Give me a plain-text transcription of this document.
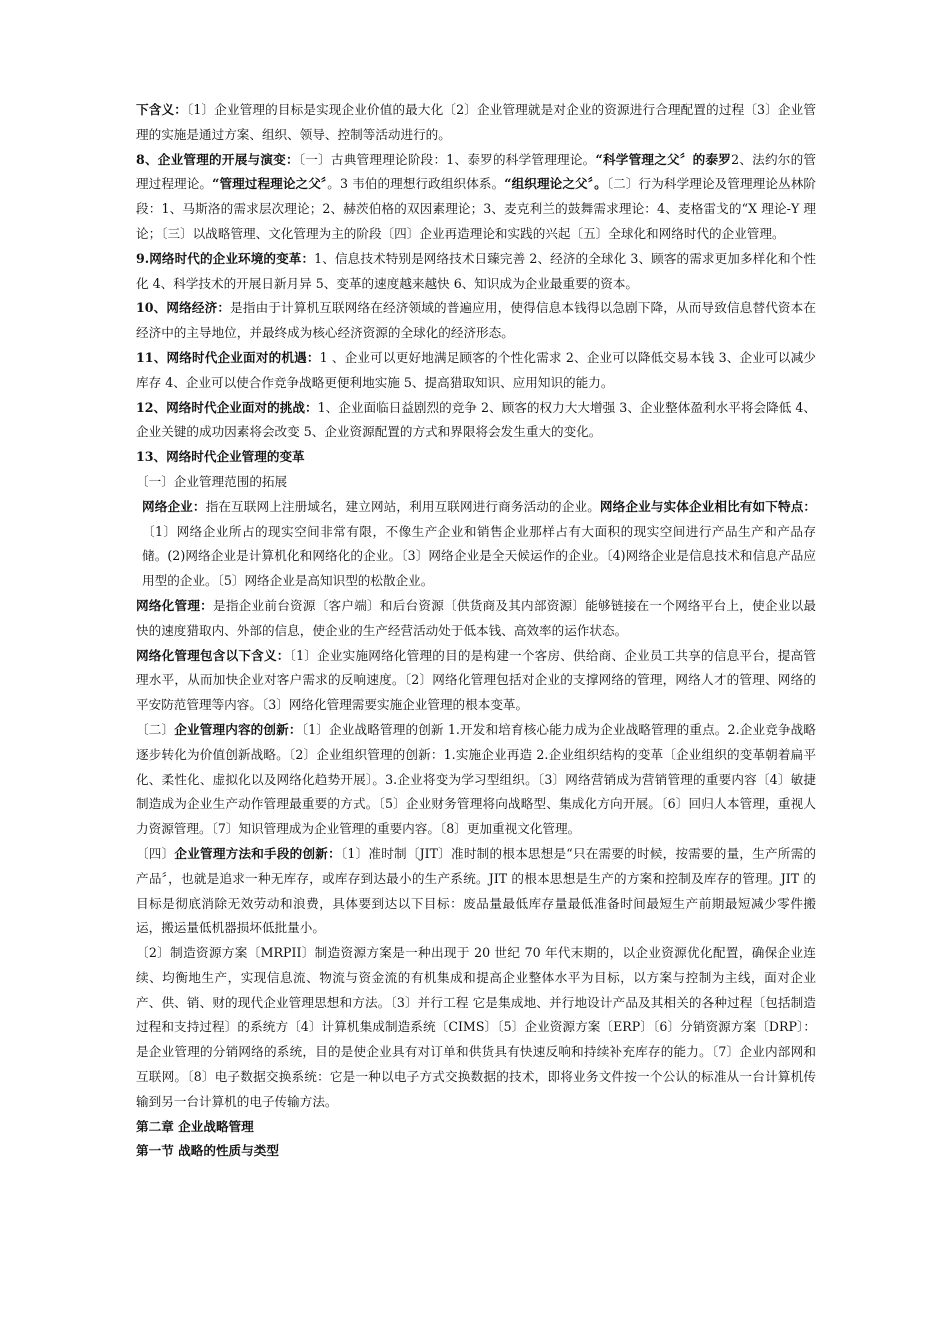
下含义：〔1〕企业管理的目标是实现企业价值的最大化〔2〕企业管理就是对企业的资源进行合理配置的过程〔3〕企业管理的实施是通过方案、组织、领导、控制等活动进行的。

8、企业管理的开展与演变：〔一〕古典管理理论阶段：1、泰罗的科学管理理论。“科学管理之父〞的泰罗2、法约尔的管理过程理论。“管理过程理论之父〞。3 韦伯的理想行政组织体系。“组织理论之父〞。〔二〕行为科学理论及管理理论丛林阶段：1、马斯洛的需求层次理论；2、赫茨伯格的双因素理论；3、麦克利兰的鼓舞需求理论：4、麦格雷戈的“X 理论-Y 理论；〔三〕以战略管理、文化管理为主的阶段〔四〕企业再造理论和实践的兴起〔五〕全球化和网络时代的企业管理。

9.网络时代的企业环境的变革：1、信息技术特别是网络技术日臻完善 2、经济的全球化 3、顾客的需求更加多样化和个性化 4、科学技术的开展日新月异 5、变革的速度越来越快 6、知识成为企业最重要的资本。

10、网络经济：是指由于计算机互联网络在经济领域的普遍应用，使得信息本钱得以急剧下降，从而导致信息替代资本在经济中的主导地位，并最终成为核心经济资源的全球化的经济形态。

11、网络时代企业面对的机遇：1 、企业可以更好地满足顾客的个性化需求 2、企业可以降低交易本钱 3、企业可以减少库存 4、企业可以使合作竞争战略更便利地实施 5、提高猎取知识、应用知识的能力。

12、网络时代企业面对的挑战：1、企业面临日益剧烈的竞争 2、顾客的权力大大增强 3、企业整体盈利水平将会降低 4、企业关键的成功因素将会改变 5、企业资源配置的方式和界限将会发生重大的变化。

13、网络时代企业管理的变革

〔一〕企业管理范围的拓展

网络企业：指在互联网上注册域名，建立网站，利用互联网进行商务活动的企业。网络企业与实体企业相比有如下特点：〔1〕网络企业所占的现实空间非常有限，不像生产企业和销售企业那样占有大面积的现实空间进行产品生产和产品存储。(2)网络企业是计算机化和网络化的企业。〔3〕网络企业是全天候运作的企业。〔4)网络企业是信息技术和信息产品应用型的企业。〔5〕网络企业是高知识型的松散企业。

网络化管理：是指企业前台资源〔客户端〕和后台资源〔供货商及其内部资源〕能够链接在一个网络平台上，使企业以最快的速度猎取内、外部的信息，使企业的生产经营活动处于低本钱、高效率的运作状态。

网络化管理包含以下含义：〔1〕企业实施网络化管理的目的是构建一个客房、供给商、企业员工共享的信息平台，提高管理水平，从而加快企业对客户需求的反响速度。〔2〕网络化管理包括对企业的支撑网络的管理，网络人才的管理、网络的平安防范管理等内容。〔3〕网络化管理需要实施企业管理的根本变革。

〔二〕企业管理内容的创新：〔1〕企业战略管理的创新 1.开发和培育核心能力成为企业战略管理的重点。2.企业竞争战略逐步转化为价值创新战略。〔2〕企业组织管理的创新：1.实施企业再造 2.企业组织结构的变革〔企业组织的变革朝着扁平化、柔性化、虚拟化以及网络化趋势开展〕。3.企业将变为学习型组织。〔3〕网络营销成为营销管理的重要内容〔4〕敏捷制造成为企业生产动作管理最重要的方式。〔5〕企业财务管理将向战略型、集成化方向开展。〔6〕回归人本管理，重视人力资源管理。〔7〕知识管理成为企业管理的重要内容。〔8〕更加重视文化管理。

〔四〕企业管理方法和手段的创新：〔1〕准时制〔JIT〕准时制的根本思想是“只在需要的时候，按需要的量，生产所需的产品〞，也就是追求一种无库存，或库存到达最小的生产系统。JIT 的根本思想是生产的方案和控制及库存的管理。JIT 的目标是彻底消除无效劳动和浪费，具体要到达以下目标：废品量最低库存量最低准备时间最短生产前期最短减少零件搬运，搬运量低机器损坏低批量小。

〔2〕制造资源方案〔MRPII〕制造资源方案是一种出现于 20 世纪 70 年代末期的，以企业资源优化配置，确保企业连续、均衡地生产，实现信息流、物流与资金流的有机集成和提高企业整体水平为目标，以方案与控制为主线，面对企业产、供、销、财的现代企业管理思想和方法。〔3〕并行工程 它是集成地、并行地设计产品及其相关的各种过程〔包括制造过程和支持过程〕的系统方〔4〕计算机集成制造系统〔CIMS〕〔5〕企业资源方案〔ERP〕〔6〕分销资源方案〔DRP〕：是企业管理的分销网络的系统，目的是使企业具有对订单和供货具有快速反响和持续补充库存的能力。〔7〕企业内部网和互联网。〔8〕电子数据交换系统：它是一种以电子方式交换数据的技术，即将业务文件按一个公认的标准从一台计算机传输到另一台计算机的电子传输方法。

第二章 企业战略管理

第一节 战略的性质与类型
